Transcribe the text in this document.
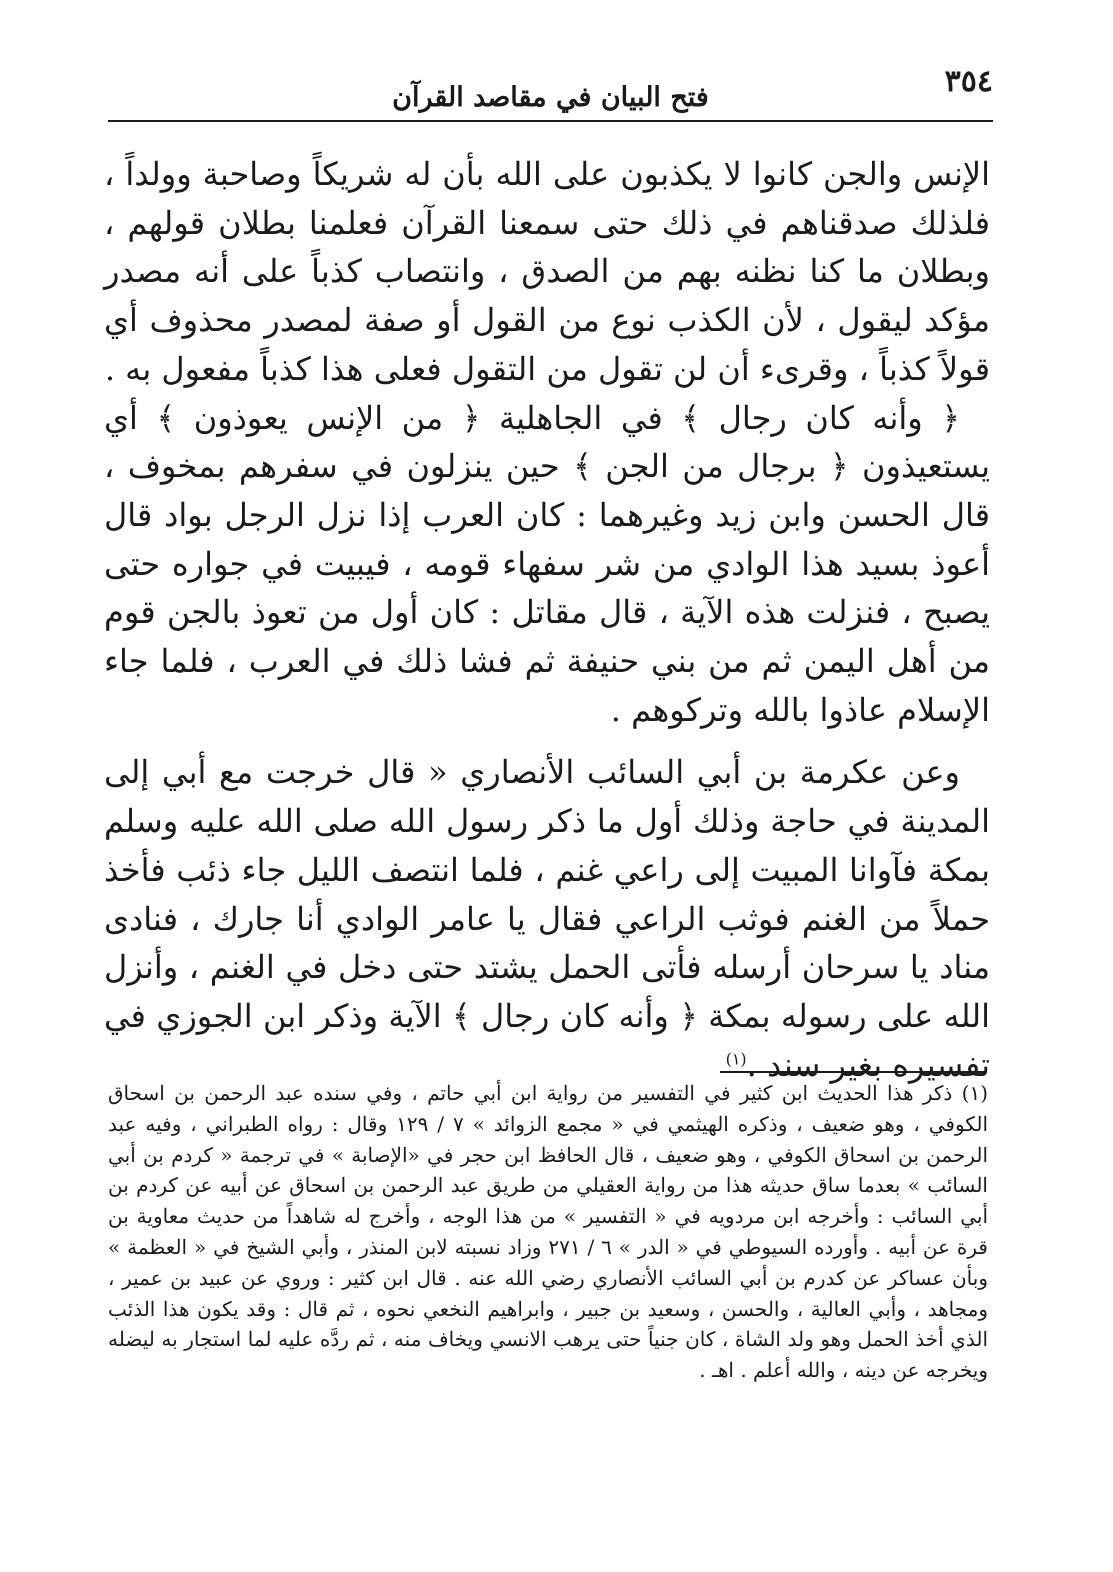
٣٥٤
فتح البيان في مقاصد القرآن

الإنس والجن كانوا لا يكذبون على الله بأن له شريكاً وصاحبة وولداً ، فلذلك صدقناهم في ذلك حتى سمعنا القرآن فعلمنا بطلان قولهم ، وبطلان ما كنا نظنه بهم من الصدق ، وانتصاب كذباً على أنه مصدر مؤكد ليقول ، لأن الكذب نوع من القول أو صفة لمصدر محذوف أي قولاً كذباً ، وقرىء أن لن تقول من التقول فعلى هذا كذباً مفعول به .

﴿ وأنه كان رجال ﴾ في الجاهلية ﴿ من الإنس يعوذون ﴾ أي يستعيذون ﴿ برجال من الجن ﴾ حين ينزلون في سفرهم بمخوف ، قال الحسن وابن زيد وغيرهما : كان العرب إذا نزل الرجل بواد قال أعوذ بسيد هذا الوادي من شر سفهاء قومه ، فيبيت في جواره حتى يصبح ، فنزلت هذه الآية ، قال مقاتل : كان أول من تعوذ بالجن قوم من أهل اليمن ثم من بني حنيفة ثم فشا ذلك في العرب ، فلما جاء الإسلام عاذوا بالله وتركوهم .

وعن عكرمة بن أبي السائب الأنصاري « قال خرجت مع أبي إلى المدينة في حاجة وذلك أول ما ذكر رسول الله صلى الله عليه وسلم بمكة فآوانا المبيت إلى راعي غنم ، فلما انتصف الليل جاء ذئب فأخذ حملاً من الغنم فوثب الراعي فقال يا عامر الوادي أنا جارك ، فنادى مناد يا سرحان أرسله فأتى الحمل يشتد حتى دخل في الغنم ، وأنزل الله على رسوله بمكة ﴿ وأنه كان رجال ﴾ الآية وذكر ابن الجوزي في تفسيره بغير سند .$^{(١)}$

(١) ذكر هذا الحديث ابن كثير في التفسير من رواية ابن أبي حاتم ، وفي سنده عبد الرحمن بن اسحاق الكوفي ، وهو ضعيف ، وذكره الهيثمي في « مجمع الزوائد » ٧ / ١٢٩ وقال : رواه الطبراني ، وفيه عبد الرحمن بن اسحاق الكوفي ، وهو ضعيف ، قال الحافظ ابن حجر في «الإصابة » في ترجمة « كردم بن أبي السائب » بعدما ساق حديثه هذا من رواية العقيلي من طريق عبد الرحمن بن اسحاق عن أبيه عن كردم بن أبي السائب : وأخرجه ابن مردويه في « التفسير » من هذا الوجه ، وأخرج له شاهداً من حديث معاوية بن قرة عن أبيه . وأورده السيوطي في « الدر » ٦ / ٢٧١ وزاد نسبته لابن المنذر ، وأبي الشيخ في « العظمة » وبأن عساكر عن كدرم بن أبي السائب الأنصاري رضي الله عنه . قال ابن كثير : وروي عن عبيد بن عمير ، ومجاهد ، وأبي العالية ، والحسن ، وسعيد بن جبير ، وابراهيم النخعي نحوه ، ثم قال : وقد يكون هذا الذئب الذي أخذ الحمل وهو ولد الشاة ، كان جنياً حتى يرهب الانسي ويخاف منه ، ثم ردَّه عليه لما استجار به ليضله ويخرجه عن دينه ، والله أعلم . اهـ .
